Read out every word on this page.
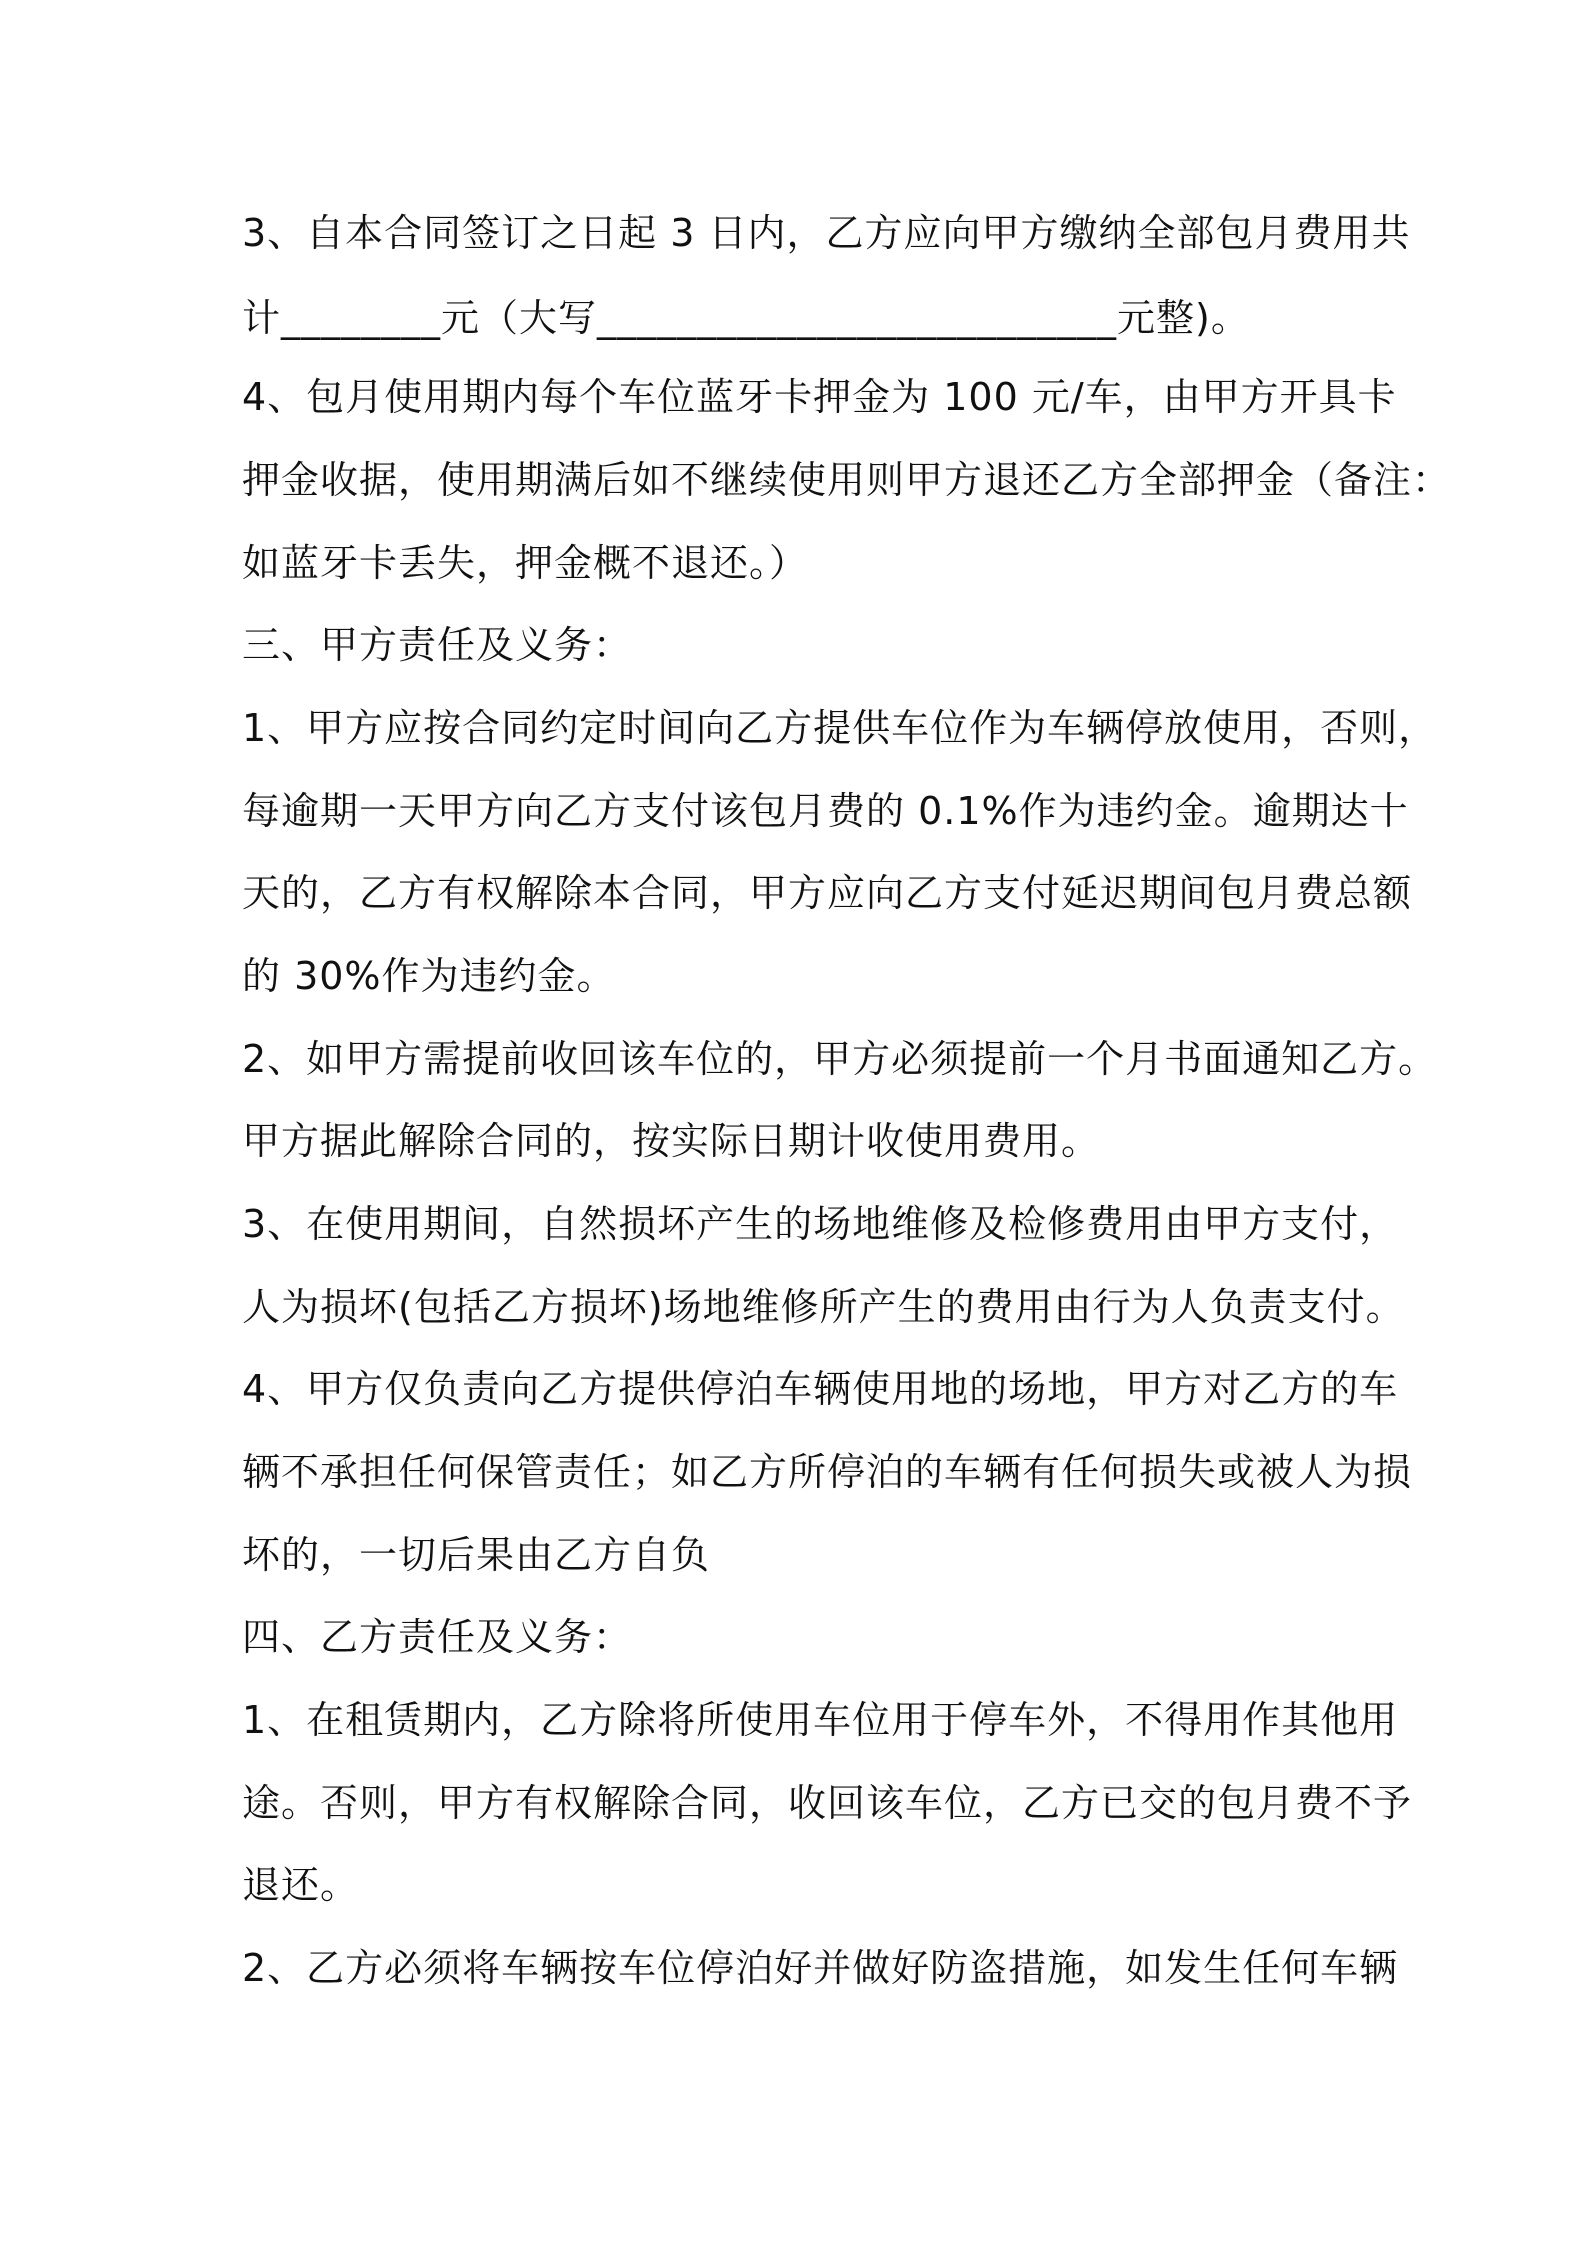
3、自本合同签订之日起 3 日内，乙方应向甲方缴纳全部包月费用共
计________元（大写__________________________元整)。
4、包月使用期内每个车位蓝牙卡押金为 100 元/车，由甲方开具卡
押金收据，使用期满后如不继续使用则甲方退还乙方全部押金（备注：
如蓝牙卡丢失，押金概不退还。）
三、甲方责任及义务：
1、甲方应按合同约定时间向乙方提供车位作为车辆停放使用，否则，
每逾期一天甲方向乙方支付该包月费的 0.1%作为违约金。逾期达十
天的，乙方有权解除本合同，甲方应向乙方支付延迟期间包月费总额
的 30%作为违约金。
2、如甲方需提前收回该车位的，甲方必须提前一个月书面通知乙方。
甲方据此解除合同的，按实际日期计收使用费用。
3、在使用期间，自然损坏产生的场地维修及检修费用由甲方支付，
人为损坏(包括乙方损坏)场地维修所产生的费用由行为人负责支付。
4、甲方仅负责向乙方提供停泊车辆使用地的场地，甲方对乙方的车
辆不承担任何保管责任；如乙方所停泊的车辆有任何损失或被人为损
坏的，一切后果由乙方自负
四、乙方责任及义务：
1、在租赁期内，乙方除将所使用车位用于停车外，不得用作其他用
途。否则，甲方有权解除合同，收回该车位，乙方已交的包月费不予
退还。
2、乙方必须将车辆按车位停泊好并做好防盗措施，如发生任何车辆
